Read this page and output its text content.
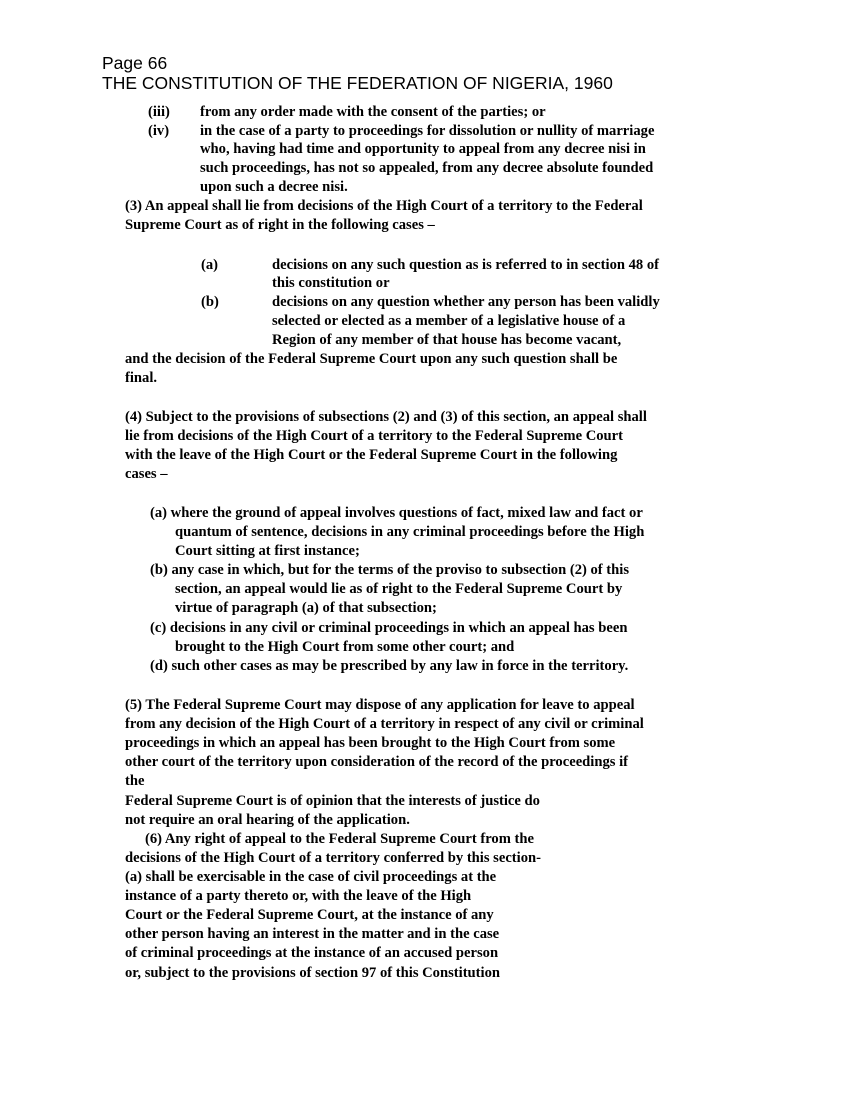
Page 66
THE CONSTITUTION OF THE FEDERATION OF NIGERIA, 1960
(iii) from any order made with the consent of the parties; or
(iv) in the case of a party to proceedings for dissolution or nullity of marriage
who, having had time and opportunity to appeal from any decree nisi in
such proceedings, has not so appealed, from any decree absolute founded
upon such a decree nisi.
(3) An appeal shall lie from decisions of the High Court of a territory to the Federal
Supreme Court as of right in the following cases –
(a)	decisions on any such question as is referred to in section 48 of
this constitution or
(b)	decisions on any question whether any person has been validly
selected or elected as a member of a legislative house of a
Region of any member of that house has become vacant,
and the decision of the Federal Supreme Court upon any such question shall be
final.
(4) Subject to the provisions of subsections (2) and (3) of this section, an appeal shall
lie from decisions of the High Court of a territory to the Federal Supreme Court
with the leave of the High Court or the Federal Supreme Court in the following
cases –
(a) where the ground of appeal involves questions of fact, mixed law and fact or
quantum of sentence, decisions in any criminal proceedings before the High
Court sitting at first instance;
(b) any case in which, but for the terms of the proviso to subsection (2) of this
section, an appeal would lie as of right to the Federal Supreme Court by
virtue of paragraph (a) of that subsection;
(c) decisions in any civil or criminal proceedings in which an appeal has been
brought to the High Court from some other court; and
(d) such other cases as may be prescribed by any law in force in the territory.
(5) The Federal Supreme Court may dispose of any application for leave to appeal
from any decision of the High Court of a territory in respect of any civil or criminal
proceedings in which an appeal has been brought to the High Court from some
other court of the territory upon consideration of the record of the proceedings if
the
Federal Supreme Court is of opinion that the interests of justice do
not require an oral hearing of the application.
(6) Any right of appeal to the Federal Supreme Court from the
decisions of the High Court of a territory conferred by this section-
(a) shall be exercisable in the case of civil proceedings at the
instance of a party thereto or, with the leave of the High
Court or the Federal Supreme Court, at the instance of any
other person having an interest in the matter and in the case
of criminal proceedings at the instance of an accused person
or, subject to the provisions of section 97 of this Constitution
